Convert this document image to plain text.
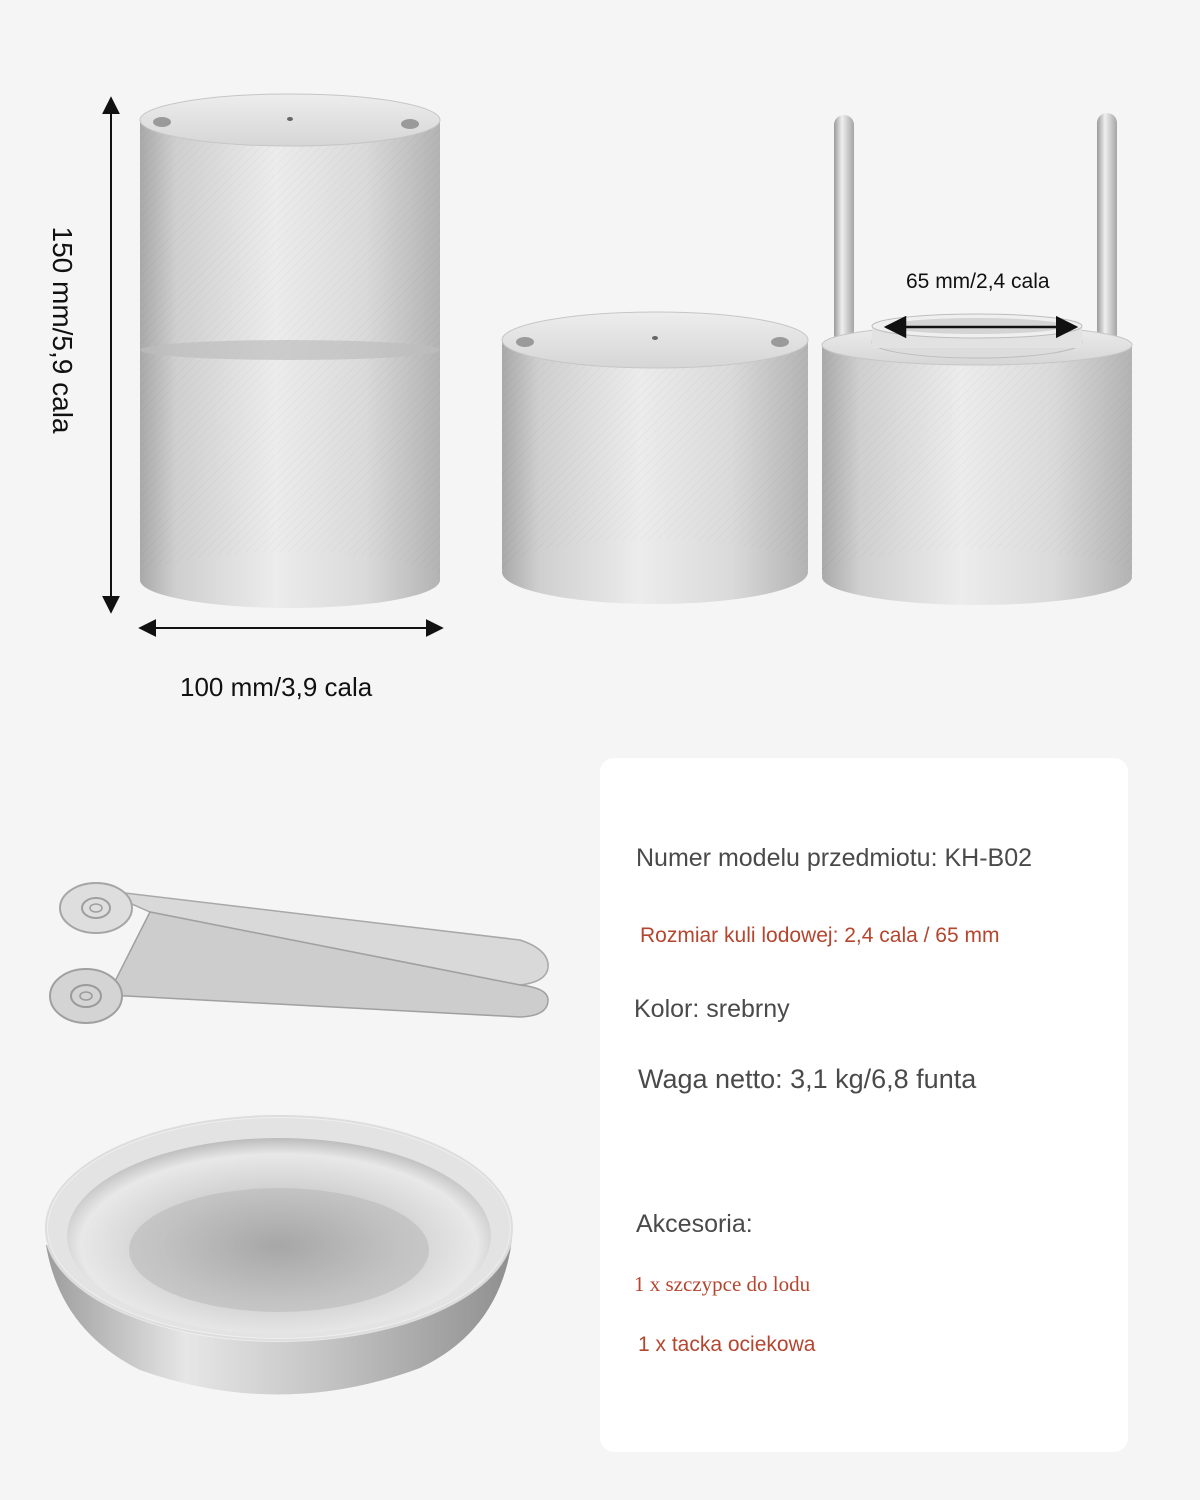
150 mm/5,9 cala
100 mm/3,9 cala
65 mm/2,4 cala
Numer modelu przedmiotu: KH-B02
Rozmiar kuli lodowej: 2,4 cala / 65 mm
Kolor: srebrny
Waga netto: 3,1 kg/6,8 funta
Akcesoria:
1 x szczypce do lodu
1 x tacka ociekowa
